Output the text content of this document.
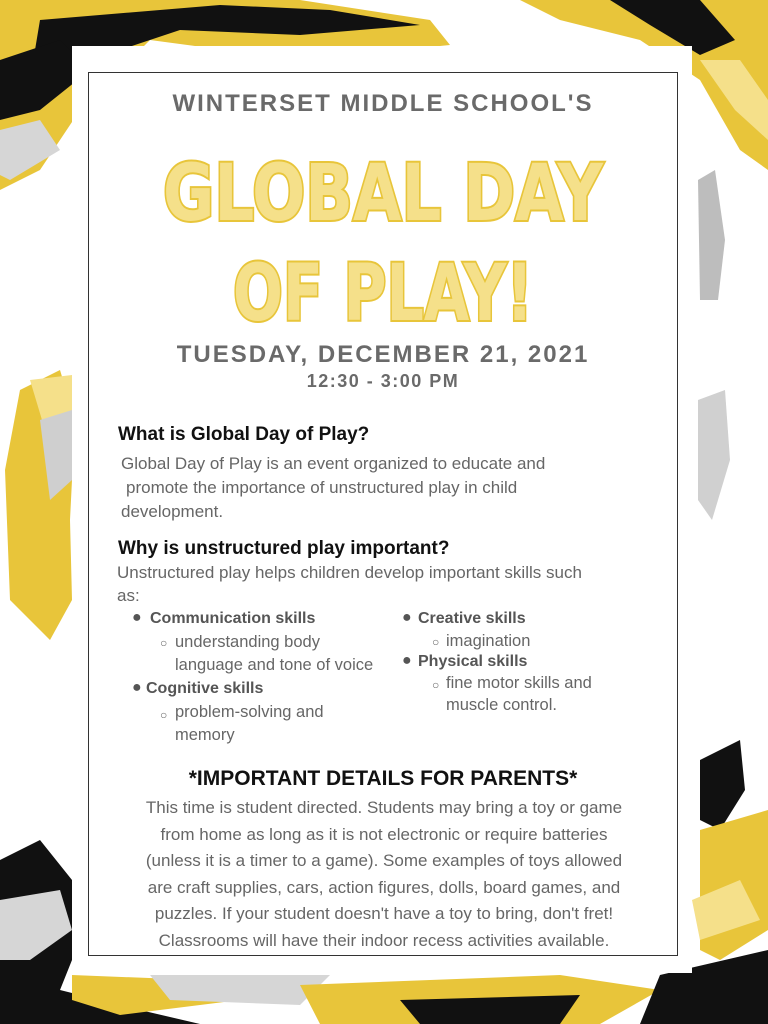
WINTERSET MIDDLE SCHOOL'S
GLOBAL DAY
OF PLAY!
TUESDAY, DECEMBER 21, 2021
12:30 - 3:00 PM
What is Global Day of Play?
Global Day of Play is an event organized to educate and
promote the importance of unstructured play in child
development.
Why is unstructured play important?
Unstructured play helps children develop important skills such
as:
● Communication skills
○ understanding body
language and tone of voice
● Cognitive skills
○ problem-solving and
memory
● Creative skills
○ imagination
● Physical skills
○ fine motor skills and
muscle control.
*IMPORTANT DETAILS FOR PARENTS*
This time is student directed. Students may bring a toy or game
from home as long as it is not electronic or require batteries
(unless it is a timer to a game). Some examples of toys allowed
are craft supplies, cars, action figures, dolls, board games, and
puzzles. If your student doesn't have a toy to bring, don't fret!
Classrooms will have their indoor recess activities available.
